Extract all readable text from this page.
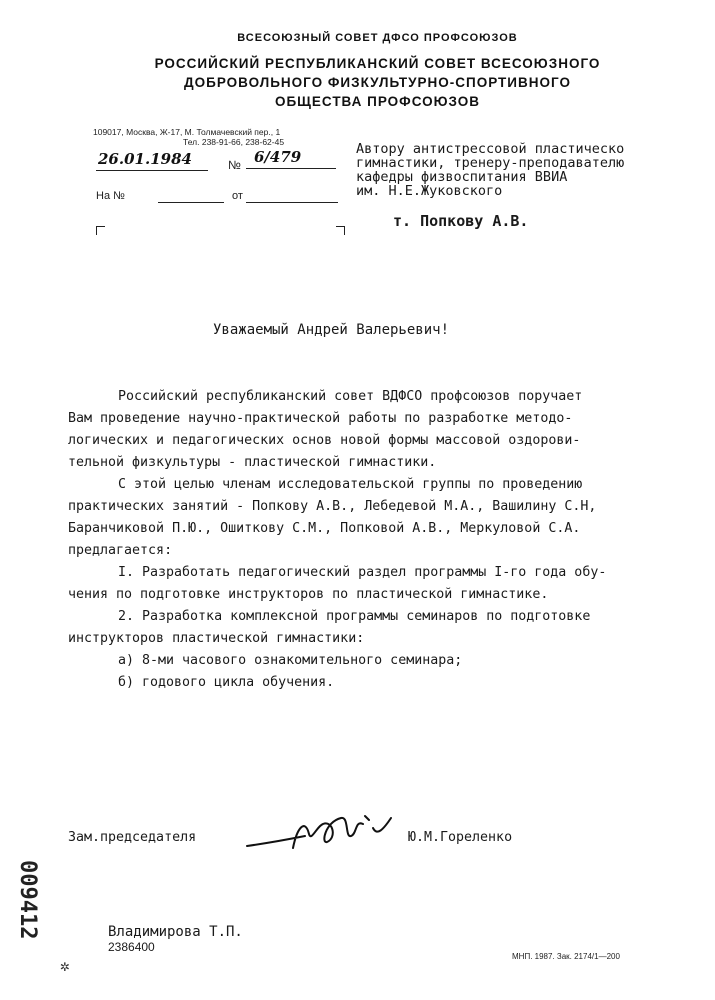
ВСЕСОЮЗНЫЙ СОВЕТ ДФСО ПРОФСОЮЗОВ
РОССИЙСКИЙ РЕСПУБЛИКАНСКИЙ СОВЕТ ВСЕСОЮЗНОГО
ДОБРОВОЛЬНОГО ФИЗКУЛЬТУРНО-СПОРТИВНОГО
ОБЩЕСТВА ПРОФСОЮЗОВ
109017, Москва, Ж-17, М. Толмачевский пер., 1
Тел. 238-91-66, 238-62-45
26.01.1984	№ 6/479
На №	от
Автору антистрессовой пластическо
гимнастики, тренеру-преподавателю
кафедры физвоспитания ВВИА
им. Н.Е.Жуковского
т. Попкову А.В.
Уважаемый Андрей Валерьевич!
Российский республиканский совет ВДФСО профсоюзов поручает
Вам проведение научно-практической работы по разработке методо-
логических и педагогических основ новой формы массовой оздорови-
тельной физкультуры - пластической гимнастики.
С этой целью членам исследовательской группы по проведению
практических занятий - Попкову А.В., Лебедевой М.А., Вашилину С.Н,
Баранчиковой П.Ю., Ошиткову С.М., Попковой А.В., Меркуловой С.А.
предлагается:
I. Разработать педагогический раздел программы I-го года обу-
чения по подготовке инструкторов по пластической гимнастике.
2. Разработка комплексной программы семинаров по подготовке
инструкторов пластической гимнастики:
а) 8-ми часового ознакомительного семинара;
б) годового цикла обучения.
Зам.председателя	Ю.М.Гореленко
009412
✲
Владимирова Т.П.
2386400
МНП. 1987. Зак. 2174/1—200
